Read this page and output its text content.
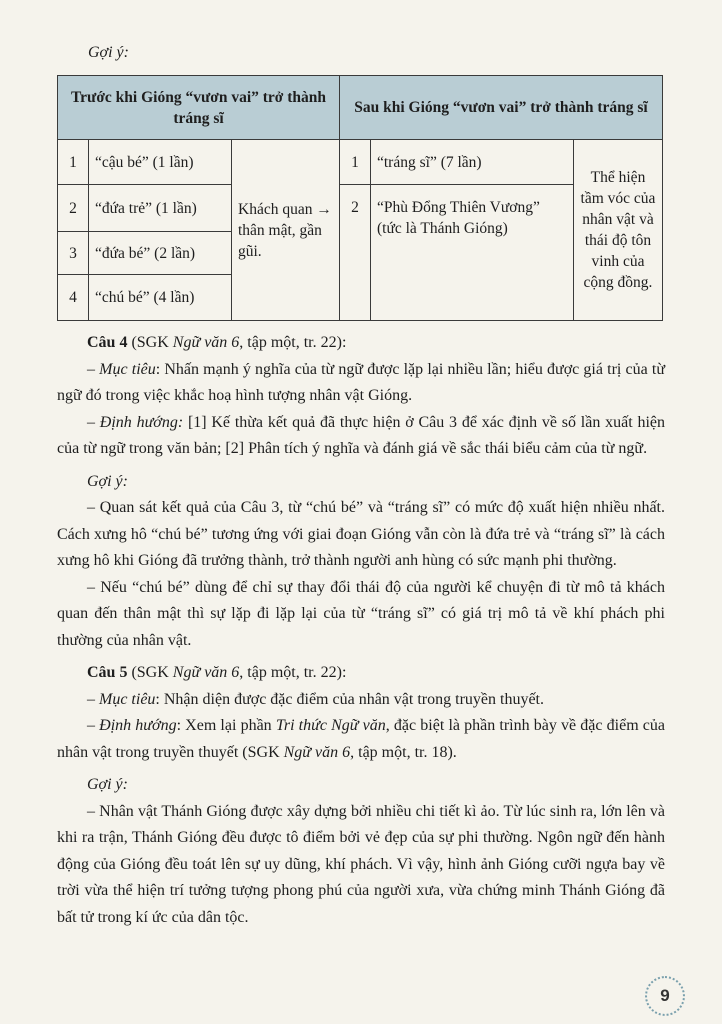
Gợi ý:
Trước khi Gióng “vươn vai” trở thành tráng sĩ			Sau khi Gióng “vươn vai” trở thành tráng sĩ		
1	“cậu bé” (1 lần)	Khách quan → thân mật, gần gũi.	1	“tráng sĩ” (7 lần)	Thể hiện tầm vóc của nhân vật và thái độ tôn vinh của cộng đồng.
2	“đứa trẻ” (1 lần)		2	“Phù Đổng Thiên Vương” (tức là Thánh Gióng)	
3	“đứa bé” (2 lần)				
4	“chú bé” (4 lần)				

Câu 4 (SGK Ngữ văn 6, tập một, tr. 22):

– Mục tiêu: Nhấn mạnh ý nghĩa của từ ngữ được lặp lại nhiều lần; hiểu được giá trị của từ ngữ đó trong việc khắc hoạ hình tượng nhân vật Gióng.

– Định hướng: [1] Kế thừa kết quả đã thực hiện ở Câu 3 để xác định về số lần xuất hiện của từ ngữ trong văn bản; [2] Phân tích ý nghĩa và đánh giá về sắc thái biểu cảm của từ ngữ.

Gợi ý:

– Quan sát kết quả của Câu 3, từ “chú bé” và “tráng sĩ” có mức độ xuất hiện nhiều nhất. Cách xưng hô “chú bé” tương ứng với giai đoạn Gióng vẫn còn là đứa trẻ và “tráng sĩ” là cách xưng hô khi Gióng đã trưởng thành, trở thành người anh hùng có sức mạnh phi thường.

– Nếu “chú bé” dùng để chỉ sự thay đổi thái độ của người kể chuyện đi từ mô tả khách quan đến thân mật thì sự lặp đi lặp lại của từ “tráng sĩ” có giá trị mô tả về khí phách phi thường của nhân vật.

Câu 5 (SGK Ngữ văn 6, tập một, tr. 22):

– Mục tiêu: Nhận diện được đặc điểm của nhân vật trong truyền thuyết.

– Định hướng: Xem lại phần Tri thức Ngữ văn, đặc biệt là phần trình bày về đặc điểm của nhân vật trong truyền thuyết (SGK Ngữ văn 6, tập một, tr. 18).

Gợi ý:

– Nhân vật Thánh Gióng được xây dựng bởi nhiều chi tiết kì ảo. Từ lúc sinh ra, lớn lên và khi ra trận, Thánh Gióng đều được tô điểm bởi vẻ đẹp của sự phi thường. Ngôn ngữ đến hành động của Gióng đều toát lên sự uy dũng, khí phách. Vì vậy, hình ảnh Gióng cưỡi ngựa bay về trời vừa thể hiện trí tưởng tượng phong phú của người xưa, vừa chứng minh Thánh Gióng đã bất tử trong kí ức của dân tộc.

9
